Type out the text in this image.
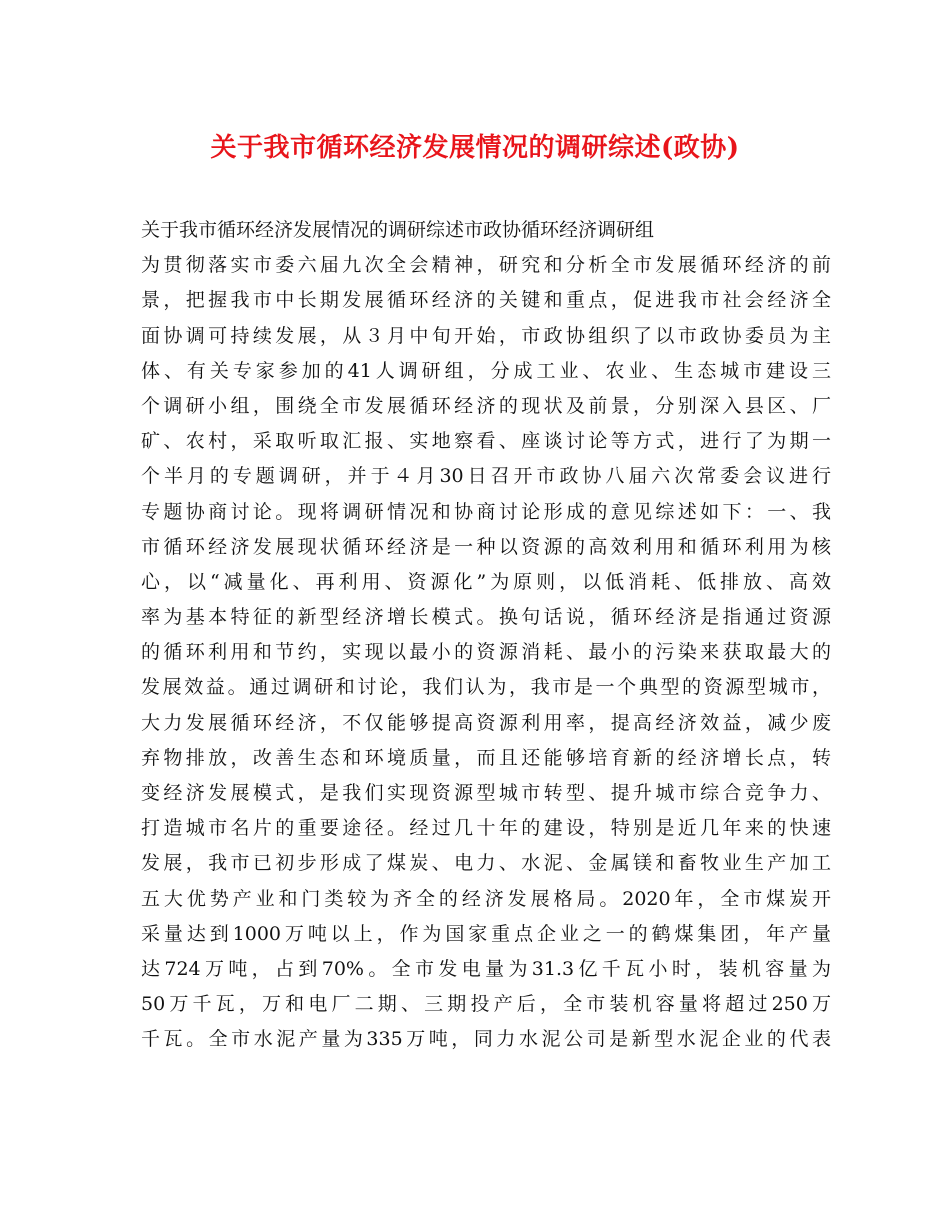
关于我市循环经济发展情况的调研综述(政协)
关于我市循环经济发展情况的调研综述市政协循环经济调研组
为贯彻落实市委六届九次全会精神，研究和分析全市发展循环经济的前
景，把握我市中长期发展循环经济的关键和重点，促进我市社会经济全
面协调可持续发展，从３月中旬开始，市政协组织了以市政协委员为主
体、有关专家参加的41人调研组，分成工业、农业、生态城市建设三
个调研小组，围绕全市发展循环经济的现状及前景，分别深入县区、厂
矿、农村，采取听取汇报、实地察看、座谈讨论等方式，进行了为期一
个半月的专题调研，并于４月30日召开市政协八届六次常委会议进行
专题协商讨论。现将调研情况和协商讨论形成的意见综述如下：一、我
市循环经济发展现状循环经济是一种以资源的高效利用和循环利用为核
心，以“减量化、再利用、资源化”为原则，以低消耗、低排放、高效
率为基本特征的新型经济增长模式。换句话说，循环经济是指通过资源
的循环利用和节约，实现以最小的资源消耗、最小的污染来获取最大的
发展效益。通过调研和讨论，我们认为，我市是一个典型的资源型城市，
大力发展循环经济，不仅能够提高资源利用率，提高经济效益，减少废
弃物排放，改善生态和环境质量，而且还能够培育新的经济增长点，转
变经济发展模式，是我们实现资源型城市转型、提升城市综合竞争力、
打造城市名片的重要途径。经过几十年的建设，特别是近几年来的快速
发展，我市已初步形成了煤炭、电力、水泥、金属镁和畜牧业生产加工
五大优势产业和门类较为齐全的经济发展格局。2020年，全市煤炭开
采量达到1000万吨以上，作为国家重点企业之一的鹤煤集团，年产量
达724万吨，占到70%。全市发电量为31.3亿千瓦小时，装机容量为
50万千瓦，万和电厂二期、三期投产后，全市装机容量将超过250万
千瓦。全市水泥产量为335万吨，同力水泥公司是新型水泥企业的代表
